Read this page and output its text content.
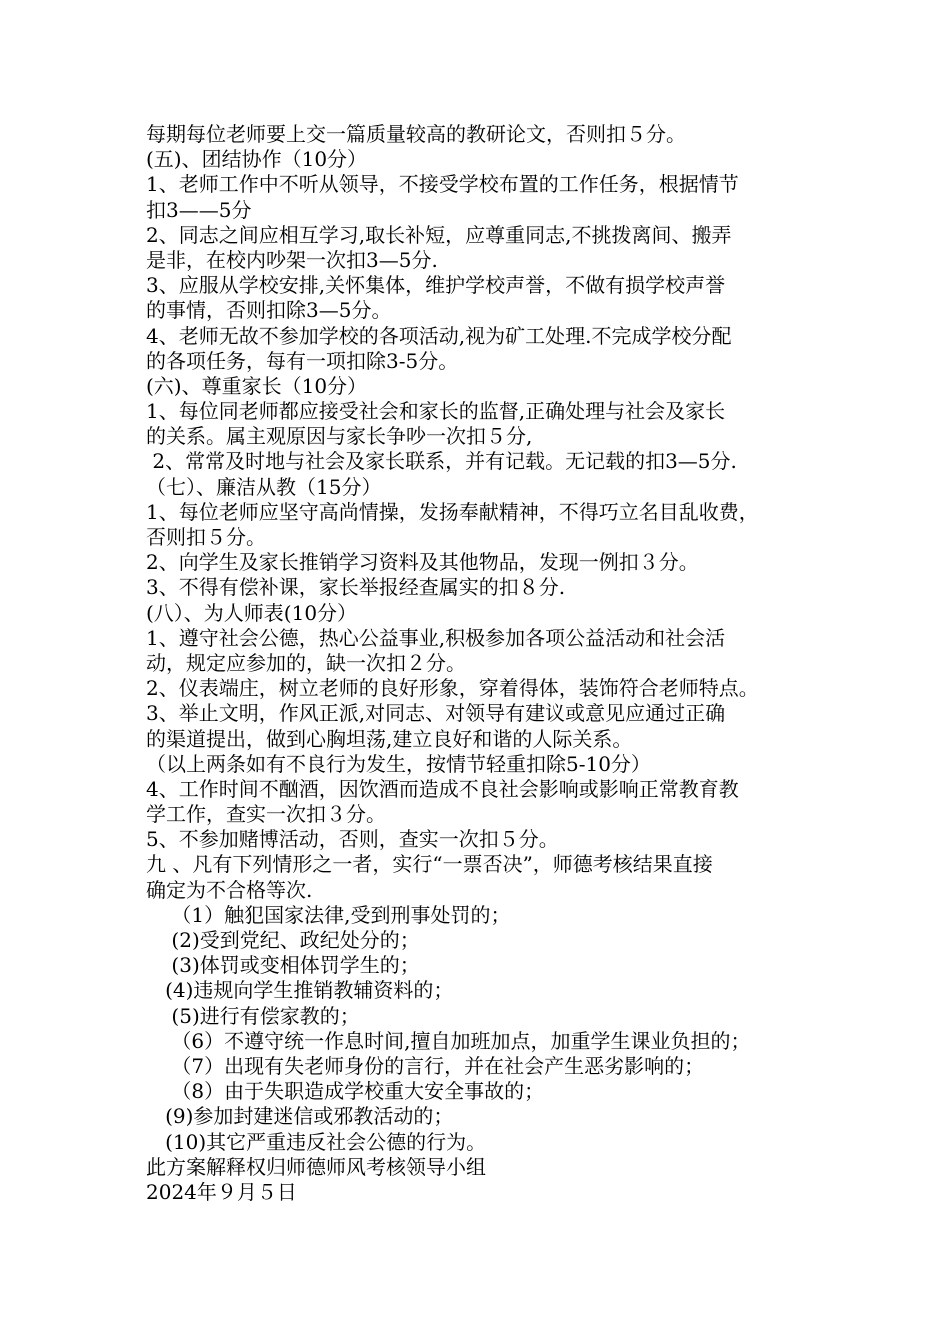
每期每位老师要上交一篇质量较高的教研论文，否则扣５分。
(五)、团结协作（10分）
1、老师工作中不听从领导，不接受学校布置的工作任务，根据情节
扣3——5分
2、同志之间应相互学习,取长补短，应尊重同志,不挑拨离间、搬弄
是非，在校内吵架一次扣3—5分.
3、应服从学校安排,关怀集体，维护学校声誉，不做有损学校声誉
的事情，否则扣除3—5分。
4、老师无故不参加学校的各项活动,视为矿工处理.不完成学校分配
的各项任务，每有一项扣除3-5分。
(六)、尊重家长（10分）
1、每位同老师都应接受社会和家长的监督,正确处理与社会及家长
的关系。属主观原因与家长争吵一次扣５分,
2、常常及时地与社会及家长联系，并有记载。无记载的扣3—5分.
（七）、廉洁从教（15分）
1、每位老师应坚守高尚情操，发扬奉献精神，不得巧立名目乱收费，
否则扣５分。
2、向学生及家长推销学习资料及其他物品，发现一例扣３分。
3、不得有偿补课，家长举报经查属实的扣８分.
(八）、为人师表(10分）
1、遵守社会公德，热心公益事业,积极参加各项公益活动和社会活
动，规定应参加的，缺一次扣２分。
2、仪表端庄，树立老师的良好形象，穿着得体，装饰符合老师特点。
3、举止文明，作风正派,对同志、对领导有建议或意见应通过正确
的渠道提出，做到心胸坦荡,建立良好和谐的人际关系。
（以上两条如有不良行为发生，按情节轻重扣除5-10分）
4、工作时间不酗酒，因饮酒而造成不良社会影响或影响正常教育教
学工作，查实一次扣３分。
5、不参加赌博活动，否则，查实一次扣５分。
九 、凡有下列情形之一者，实行“一票否决”，师德考核结果直接
确定为不合格等次.
（1）触犯国家法律,受到刑事处罚的；
(2)受到党纪、政纪处分的；
(3)体罚或变相体罚学生的；
(4)违规向学生推销教辅资料的；
(5)进行有偿家教的；
（6）不遵守统一作息时间,擅自加班加点，加重学生课业负担的；
（7）出现有失老师身份的言行，并在社会产生恶劣影响的；
（8）由于失职造成学校重大安全事故的；
(9)参加封建迷信或邪教活动的；
(10)其它严重违反社会公德的行为。
此方案解释权归师德师风考核领导小组
2024年９月５日
